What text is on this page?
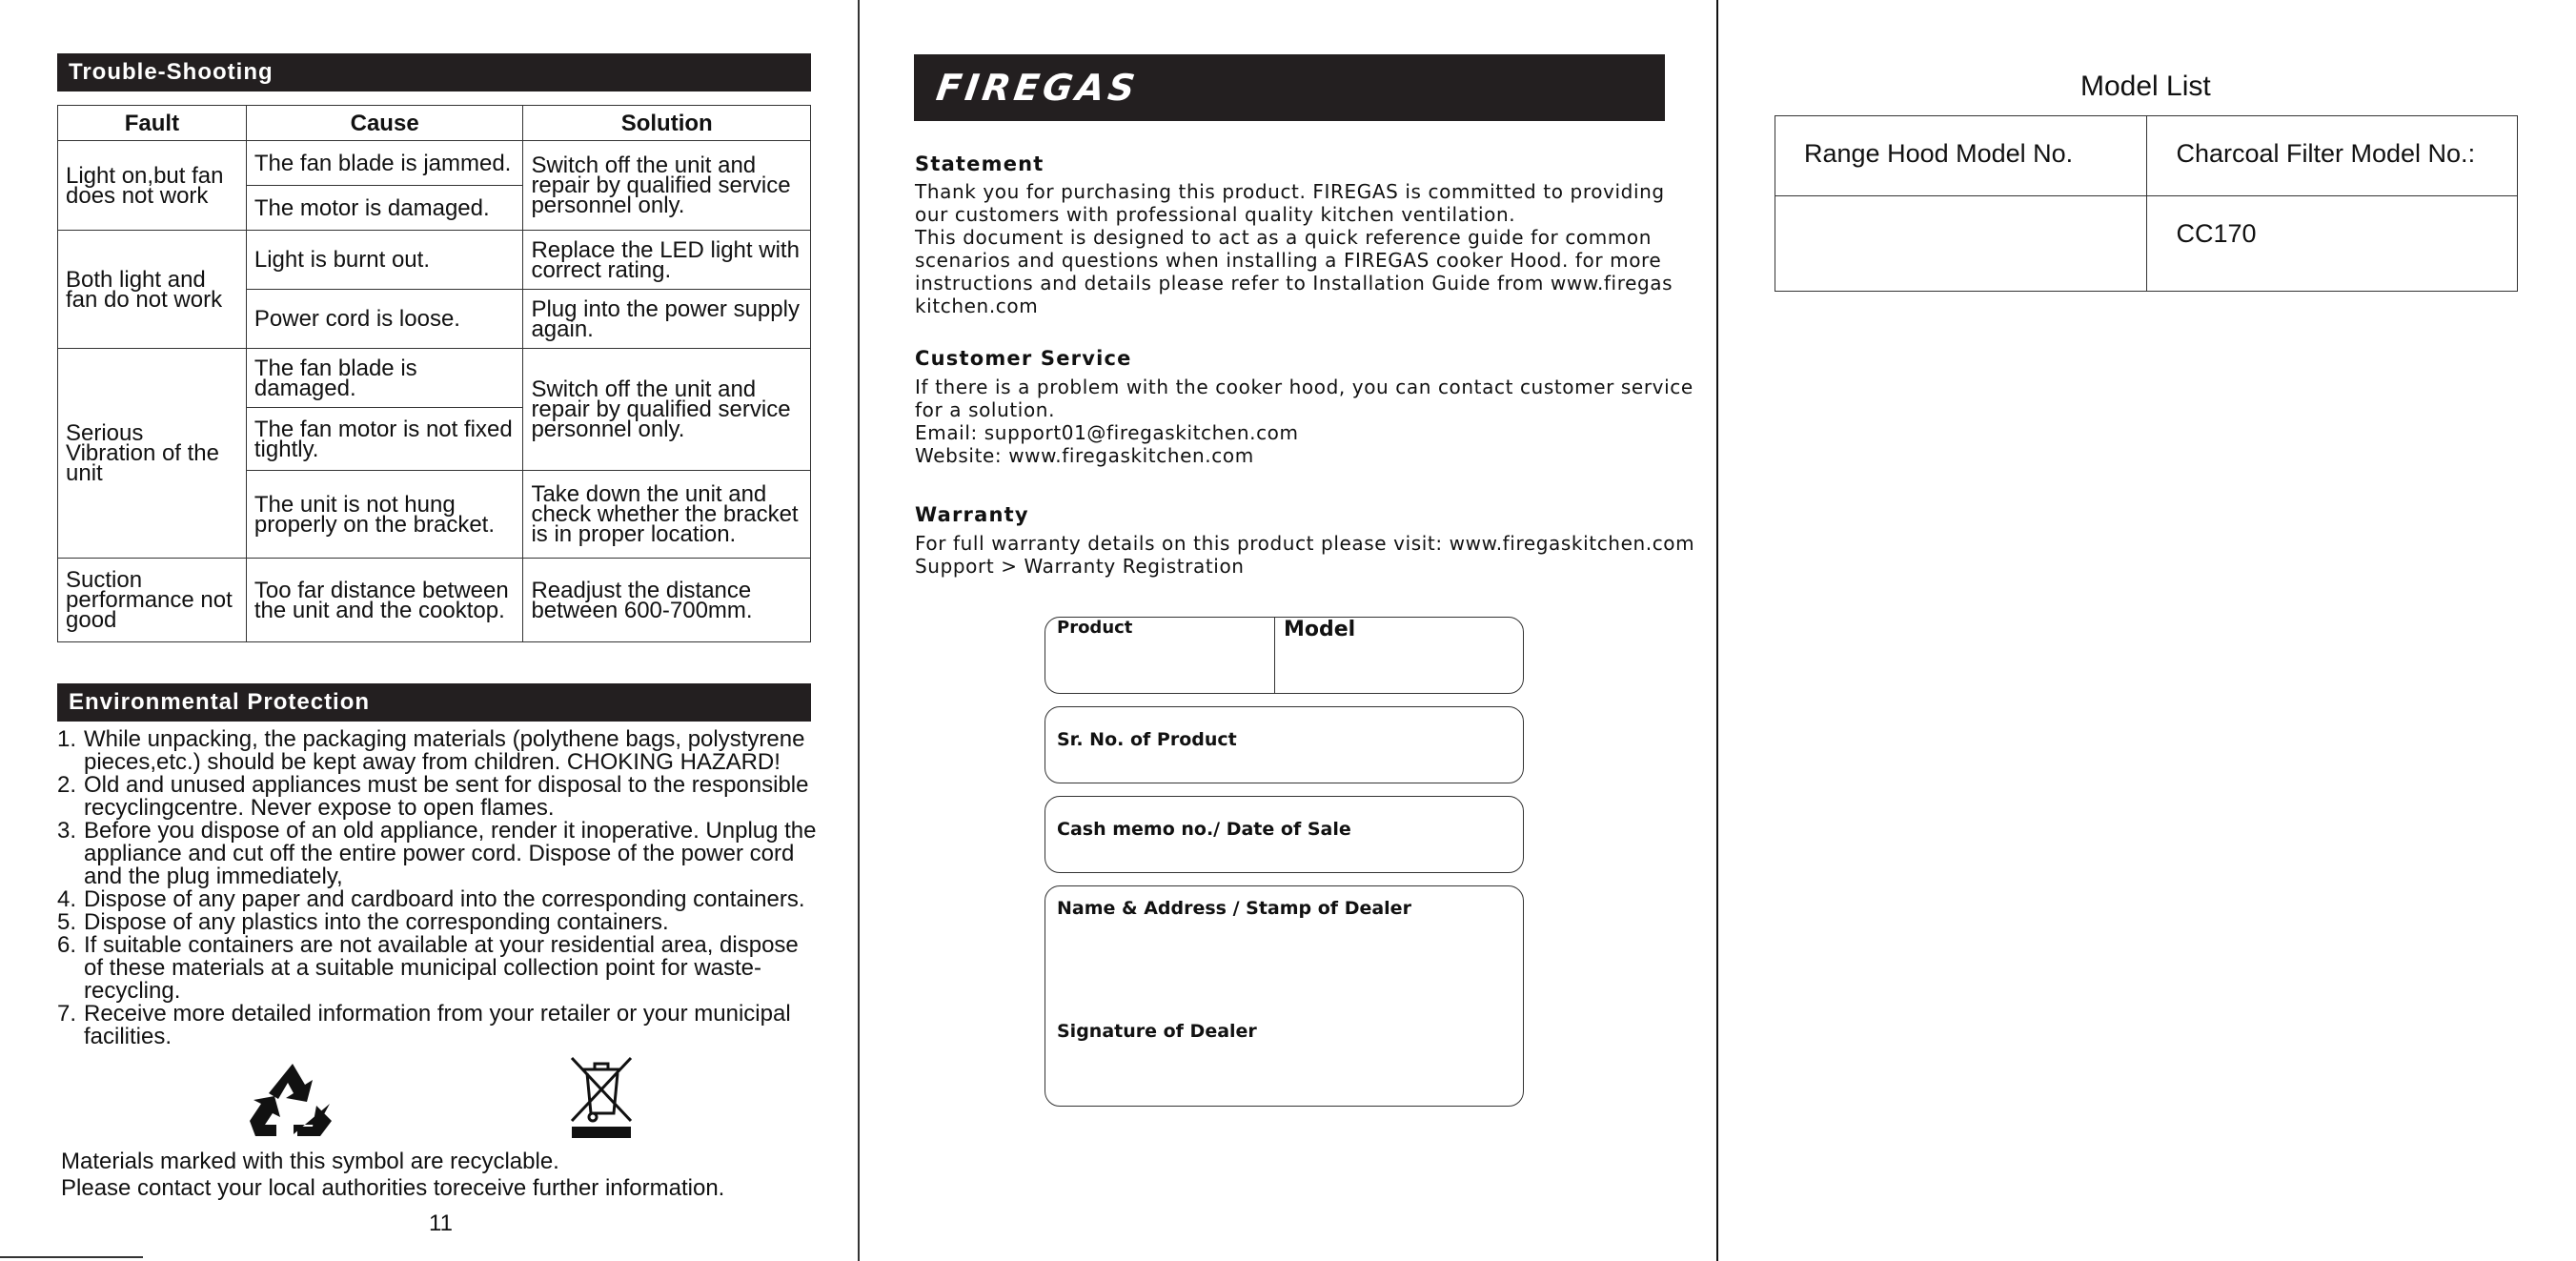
Trouble-Shooting
Fault	Cause	Solution
Light on,but fan does not work	The fan blade is jammed.	Switch off the unit and repair by qualified service personnel only.
	The motor is damaged.	
Both light and fan do not work	Light is burnt out.	Replace the LED light with correct rating.
	Power cord is loose.	Plug into the power supply again.
Serious Vibration of the unit	The fan blade is damaged.	Switch off the unit and repair by qualified service personnel only.
	The fan motor is not fixed tightly.	
	The unit is not hung properly on the bracket.	Take down the unit and check whether the bracket is in proper location.
Suction performance not good	Too far distance between the unit and the cooktop.	Readjust the distance between 600-700mm.
Environmental Protection
1. While unpacking, the packaging materials (polythene bags, polystyrene pieces,etc.) should be kept away from children. CHOKING HAZARD!
2. Old and unused appliances must be sent for disposal to the responsible recyclingcentre. Never expose to open flames.
3. Before you dispose of an old appliance, render it inoperative. Unplug the appliance and cut off the entire power cord. Dispose of the power cord and the plug immediately,
4. Dispose of any paper and cardboard into the corresponding containers.
5. Dispose of any plastics into the corresponding containers.
6. If suitable containers are not available at your residential area, dispose of these materials at a suitable municipal collection point for waste-recycling.
7. Receive more detailed information from your retailer or your municipal facilities.
Materials marked with this symbol are recyclable.
Please contact your local authorities toreceive further information.
11
FIREGAS
Statement
Thank you for purchasing this product. FIREGAS is committed to providing
our customers with professional quality kitchen ventilation.
This document is designed to act as a quick reference guide for common
scenarios and questions when installing a FIREGAS cooker Hood. for more
instructions and details please refer to Installation Guide from www.firegas
kitchen.com
Customer Service
If there is a problem with the cooker hood, you can contact customer service
for a solution.
Email: support01@firegaskitchen.com
Website: www.firegaskitchen.com
Warranty
For full warranty details on this product please visit: www.firegaskitchen.com
Support > Warranty Registration
Product	Model
Sr. No. of Product
Cash memo no./ Date of Sale
Name & Address / Stamp of Dealer
Signature of Dealer
Model List
Range Hood Model No.	Charcoal Filter Model No.:
	CC170
